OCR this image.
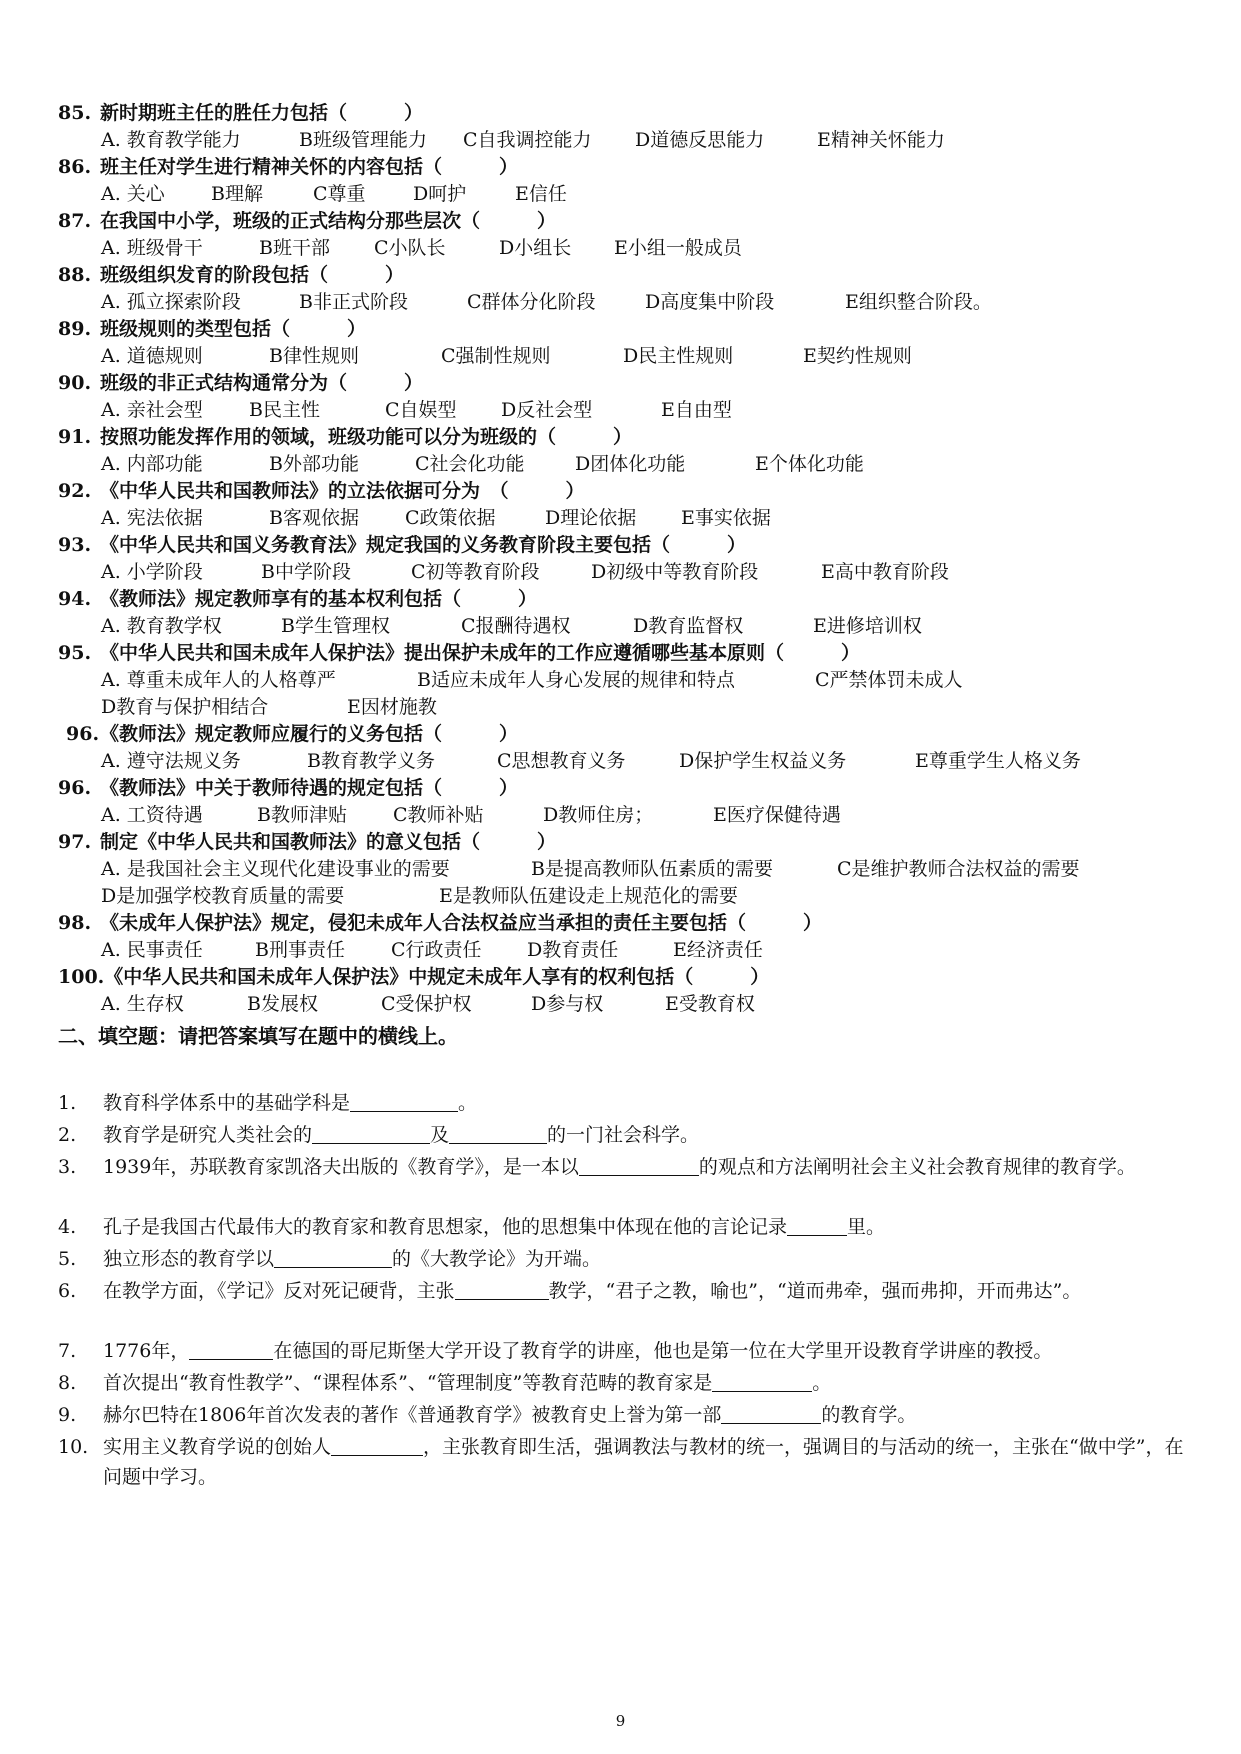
85. 新时期班主任的胜任力包括（　　　）
A. 教育教学能力	B班级管理能力 C自我调控能力 D道德反思能力	E精神关怀能力
86. 班主任对学生进行精神关怀的内容包括（　　　）
A. 关心 B理解	C尊重 D呵护	E信任
87. 在我国中小学，班级的正式结构分那些层次（　　　）
A. 班级骨干	B班干部 C小队长	D小组长 E小组一般成员
88. 班级组织发育的阶段包括（　　　）
A. 孤立探索阶段	B非正式阶段	C群体分化阶段	D高度集中阶段	E组织整合阶段。
89. 班级规则的类型包括（　　　）
A. 道德规则	B律性规则	C强制性规则	D民主性规则	E契约性规则
90. 班级的非正式结构通常分为（　　　）
A. 亲社会型 B民主性	C自娱型 D反社会型	E自由型
91. 按照功能发挥作用的领域，班级功能可以分为班级的（　　　）
A. 内部功能	B外部功能	C社会化功能	D团体化功能	E个体化功能
92. 《中华人民共和国教师法》的立法依据可分为　（　　　）
A. 宪法依据	B客观依据 C政策依据	D理论依据 E事实依据
93. 《中华人民共和国义务教育法》规定我国的义务教育阶段主要包括（　　　）
A. 小学阶段	B中学阶段	C初等教育阶段	D初级中等教育阶段	E高中教育阶段
94. 《教师法》规定教师享有的基本权利包括（　　　）
A. 教育教学权	B学生管理权	C报酬待遇权	D教育监督权	E进修培训权
95. 《中华人民共和国未成年人保护法》提出保护未成年的工作应遵循哪些基本原则（　　　）
A. 尊重未成年人的人格尊严	B适应未成年人身心发展的规律和特点	C严禁体罚未成人
D教育与保护相结合	E因材施教
96.《教师法》规定教师应履行的义务包括（　　　）
A. 遵守法规义务	B教育教学义务	C思想教育义务	D保护学生权益义务	E尊重学生人格义务
96. 《教师法》中关于教师待遇的规定包括（　　　）
A. 工资待遇	B教师津贴 C教师补贴	D教师住房；	E医疗保健待遇
97. 制定《中华人民共和国教师法》的意义包括（　　　）
A. 是我国社会主义现代化建设事业的需要	B是提高教师队伍素质的需要	C是维护教师合法权益的需要
D是加强学校教育质量的需要	E是教师队伍建设走上规范化的需要
98. 《未成年人保护法》规定，侵犯未成年人合法权益应当承担的责任主要包括（　　　）
A. 民事责任	B刑事责任 C行政责任 D教育责任	E经济责任
100.《中华人民共和国未成年人保护法》中规定未成年人享有的权利包括（　　　）
A. 生存权	B发展权	C受保护权	D参与权	E受教育权
二、填空题：请把答案填写在题中的横线上。
1. 教育科学体系中的基础学科是	。
2. 教育学是研究人类社会的	及	的一门社会科学。
3. 1939年，苏联教育家凯洛夫出版的《教育学》，是一本以	的观点和方法阐明社会主义社会教育规律的教育学。
4. 孔子是我国古代最伟大的教育家和教育思想家，他的思想集中体现在他的言论记录	里。
5. 独立形态的教育学以	的《大教学论》为开端。
6. 在教学方面，《学记》反对死记硬背，主张	教学，“君子之教，喻也”，“道而弗牵，强而弗抑，开而弗达”。
7. 1776年，	在德国的哥尼斯堡大学开设了教育学的讲座，他也是第一位在大学里开设教育学讲座的教授。
8. 首次提出“教育性教学”、“课程体系”、“管理制度”等教育范畴的教育家是	。
9. 赫尔巴特在1806年首次发表的著作《普通教育学》被教育史上誉为第一部	的教育学。
10. 实用主义教育学说的创始人	，主张教育即生活，强调教法与教材的统一，强调目的与活动的统一，主张在“做中学”，在问题中学习。
9
